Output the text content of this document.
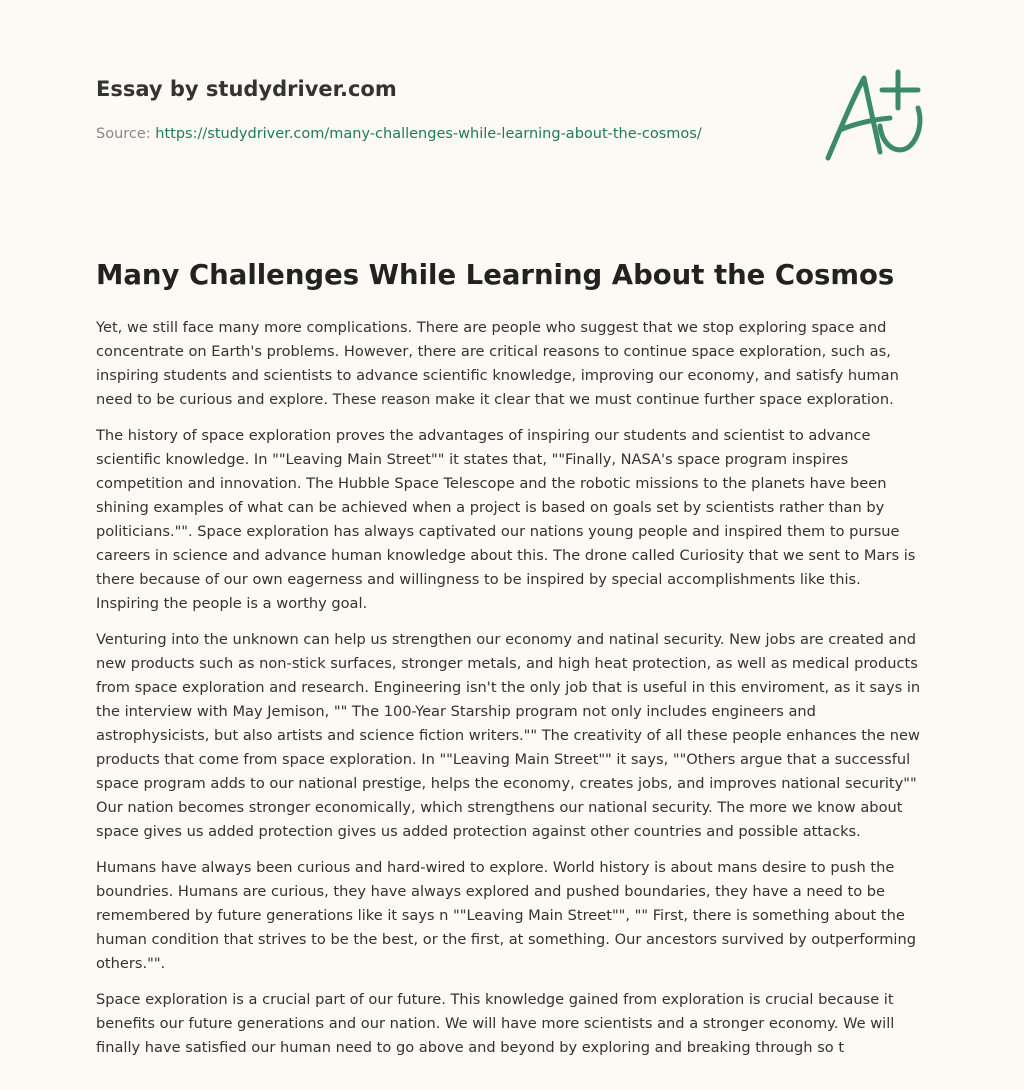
Essay by studydriver.com
Source: https://studydriver.com/many-challenges-while-learning-about-the-cosmos/
Many Challenges While Learning About the Cosmos

Yet, we still face many more complications. There are people who suggest that we stop exploring space and concentrate on Earth's problems. However, there are critical reasons to continue space exploration, such as, inspiring students and scientists to advance scientific knowledge, improving our economy, and satisfy human need to be curious and explore. These reason make it clear that we must continue further space exploration.

The history of space exploration proves the advantages of inspiring our students and scientist to advance scientific knowledge. In ""Leaving Main Street"" it states that, ""Finally, NASA's space program inspires competition and innovation. The Hubble Space Telescope and the robotic missions to the planets have been shining examples of what can be achieved when a project is based on goals set by scientists rather than by politicians."". Space exploration has always captivated our nations young people and inspired them to pursue careers in science and advance human knowledge about this. The drone called Curiosity that we sent to Mars is there because of our own eagerness and willingness to be inspired by special accomplishments like this. Inspiring the people is a worthy goal.

Venturing into the unknown can help us strengthen our economy and natinal security. New jobs are created and new products such as non-stick surfaces, stronger metals, and high heat protection, as well as medical products from space exploration and research. Engineering isn't the only job that is useful in this enviroment, as it says in the interview with May Jemison, "" The 100-Year Starship program not only includes engineers and astrophysicists, but also artists and science fiction writers."" The creativity of all these people enhances the new products that come from space exploration. In ""Leaving Main Street"" it says, ""Others argue that a successful space program adds to our national prestige, helps the economy, creates jobs, and improves national security"" Our nation becomes stronger economically, which strengthens our national security. The more we know about space gives us added protection gives us added protection against other countries and possible attacks.

Humans have always been curious and hard-wired to explore. World history is about mans desire to push the boundries. Humans are curious, they have always explored and pushed boundaries, they have a need to be remembered by future generations like it says n ""Leaving Main Street"", "" First, there is something about the human condition that strives to be the best, or the first, at something. Our ancestors survived by outperforming others."".

Space exploration is a crucial part of our future. This knowledge gained from exploration is crucial because it benefits our future generations and our nation. We will have more scientists and a stronger economy. We will finally have satisfied our human need to go above and beyond by exploring and breaking through so t
